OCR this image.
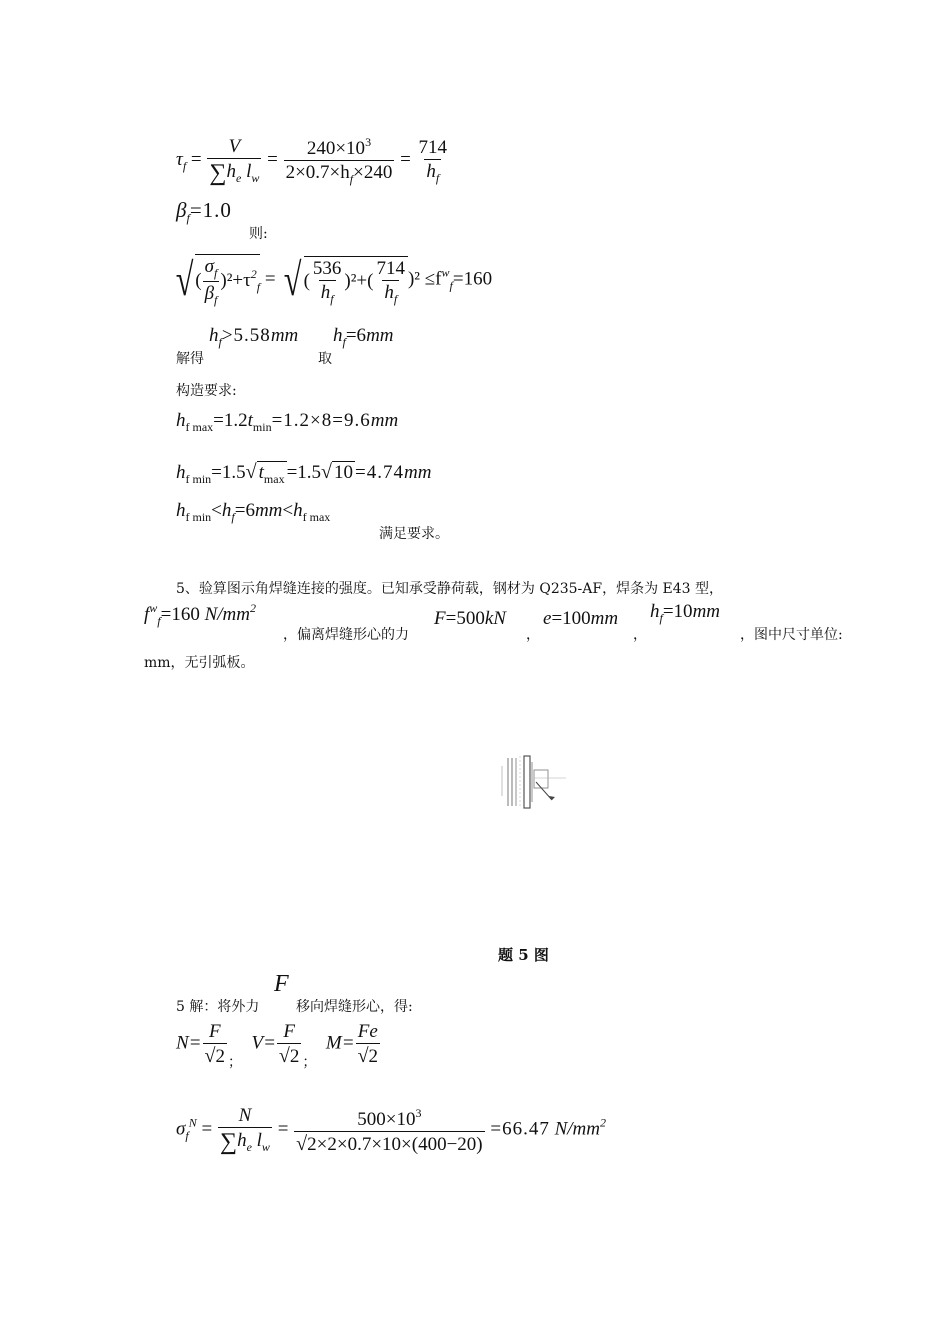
$\tau_f = \frac{V}{\sum h_e l_w} = \frac{240\times 10^3}{2\times 0.7\times h_f\times 240} = \frac{714}{h_f}$
$\beta_f=1.0$
则:
√( $\frac{\sigma_f}{\beta_f} )^2+\tau^2_f$ = √( $\frac{536}{h_f} )^2+( \frac{714}{h_f} )^2 \le f^w_f=160$
解得
$h_f>5.58mm$
取
$h_f=6mm$
构造要求:
$h_{f max}=1.2t_{min}=1.2\times 8=9.6mm$
$h_{f min}=1.5√$ $t_{max} =1.5√$ 10 =4.74mm
$h_{f min}<h_f=6mm<h_{f max}$
满足要求。
5、验算图示角焊缝连接的强度。已知承受静荷载，钢材为 Q235-AF，焊条为 E43 型，
$f^w_f=160$ $N/mm^2$
，偏离焊缝形心的力
F=500kN
，
e=100mm
，
$h_f=10mm$
，图中尺寸单位:
mm，无引弧板。
题 5 图
5 解：将外力
F
移向焊缝形心，得:
$N= \frac{F}{√2} _;$  $V= \frac{F}{√2} _;$  $M= \frac{Fe}{√2}$
$\sigma_f^N = \frac{N}{\sum h_e l_w} = \frac{500\times 10^3}{√2\times 2\times 0.7\times 10\times(400-20)} =66.47$ $N/mm^2$
